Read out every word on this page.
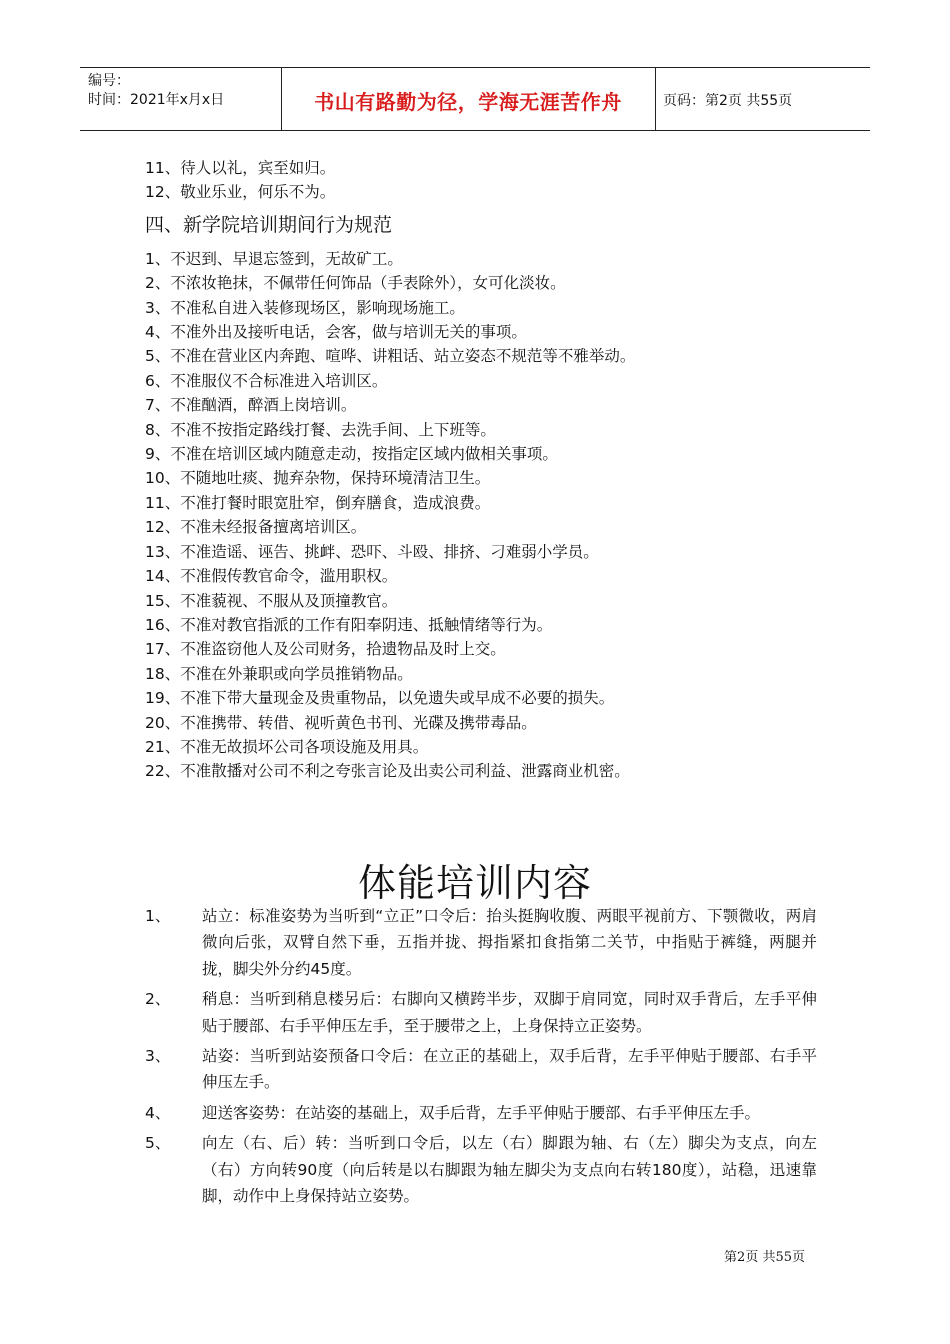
编号：
时间：2021年x月x日	书山有路勤为径，学海无涯苦作舟	页码：第2页 共55页
11、待人以礼，宾至如归。
12、敬业乐业，何乐不为。
四、新学院培训期间行为规范
1、不迟到、早退忘签到，无故矿工。
2、不浓妆艳抹，不佩带任何饰品（手表除外），女可化淡妆。
3、不准私自进入装修现场区，影响现场施工。
4、不准外出及接听电话，会客，做与培训无关的事项。
5、不准在营业区内奔跑、喧哗、讲粗话、站立姿态不规范等不雅举动。
6、不准服仪不合标准进入培训区。
7、不准酗酒，醉酒上岗培训。
8、不准不按指定路线打餐、去洗手间、上下班等。
9、不准在培训区域内随意走动，按指定区域内做相关事项。
10、不随地吐痰、抛弃杂物，保持环境清洁卫生。
11、不准打餐时眼宽肚窄，倒弃膳食，造成浪费。
12、不准未经报备擅离培训区。
13、不准造谣、诬告、挑衅、恐吓、斗殴、排挤、刁难弱小学员。
14、不准假传教官命令，滥用职权。
15、不准藐视、不服从及顶撞教官。
16、不准对教官指派的工作有阳奉阴违、抵触情绪等行为。
17、不准盗窃他人及公司财务，拾遗物品及时上交。
18、不准在外兼职或向学员推销物品。
19、不准下带大量现金及贵重物品，以免遗失或早成不必要的损失。
20、不准携带、转借、视听黄色书刊、光碟及携带毒品。
21、不准无故损坏公司各项设施及用具。
22、不准散播对公司不利之夸张言论及出卖公司利益、泄露商业机密。
体能培训内容
1、 站立：标准姿势为当听到“立正”口令后：抬头挺胸收腹、两眼平视前方、下颚微收，两肩微向后张，双臂自然下垂，五指并拢、拇指紧扣食指第二关节，中指贴于裤缝，两腿并拢，脚尖外分约45度。
2、 稍息：当听到稍息楼另后：右脚向又横跨半步，双脚于肩同宽，同时双手背后，左手平伸贴于腰部、右手平伸压左手，至于腰带之上，上身保持立正姿势。
3、 站姿：当听到站姿预备口令后：在立正的基础上，双手后背，左手平伸贴于腰部、右手平伸压左手。
4、 迎送客姿势：在站姿的基础上，双手后背，左手平伸贴于腰部、右手平伸压左手。
5、 向左（右、后）转：当听到口令后，以左（右）脚跟为轴、右（左）脚尖为支点，向左（右）方向转90度（向后转是以右脚跟为轴左脚尖为支点向右转180度），站稳，迅速靠脚，动作中上身保持站立姿势。
第2页 共55页
